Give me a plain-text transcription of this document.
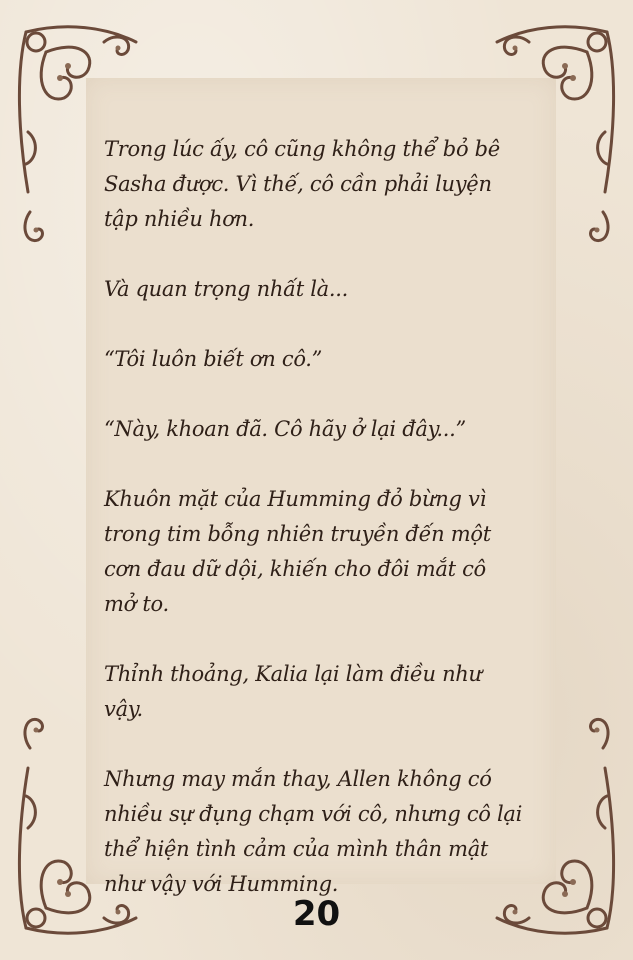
Trong lúc ấy, cô cũng không thể bỏ bê Sasha được. Vì thế, cô cần phải luyện tập nhiều hơn.

Và quan trọng nhất là...

“Tôi luôn biết ơn cô.”

“Này, khoan đã. Cô hãy ở lại đây...”

Khuôn mặt của Humming đỏ bừng vì trong tim bỗng nhiên truyền đến một cơn đau dữ dội, khiến cho đôi mắt cô mở to.

Thỉnh thoảng, Kalia lại làm điều như vậy.

Nhưng may mắn thay, Allen không có nhiều sự đụng chạm với cô, nhưng cô lại thể hiện tình cảm của mình thân mật như vậy với Humming.

20
